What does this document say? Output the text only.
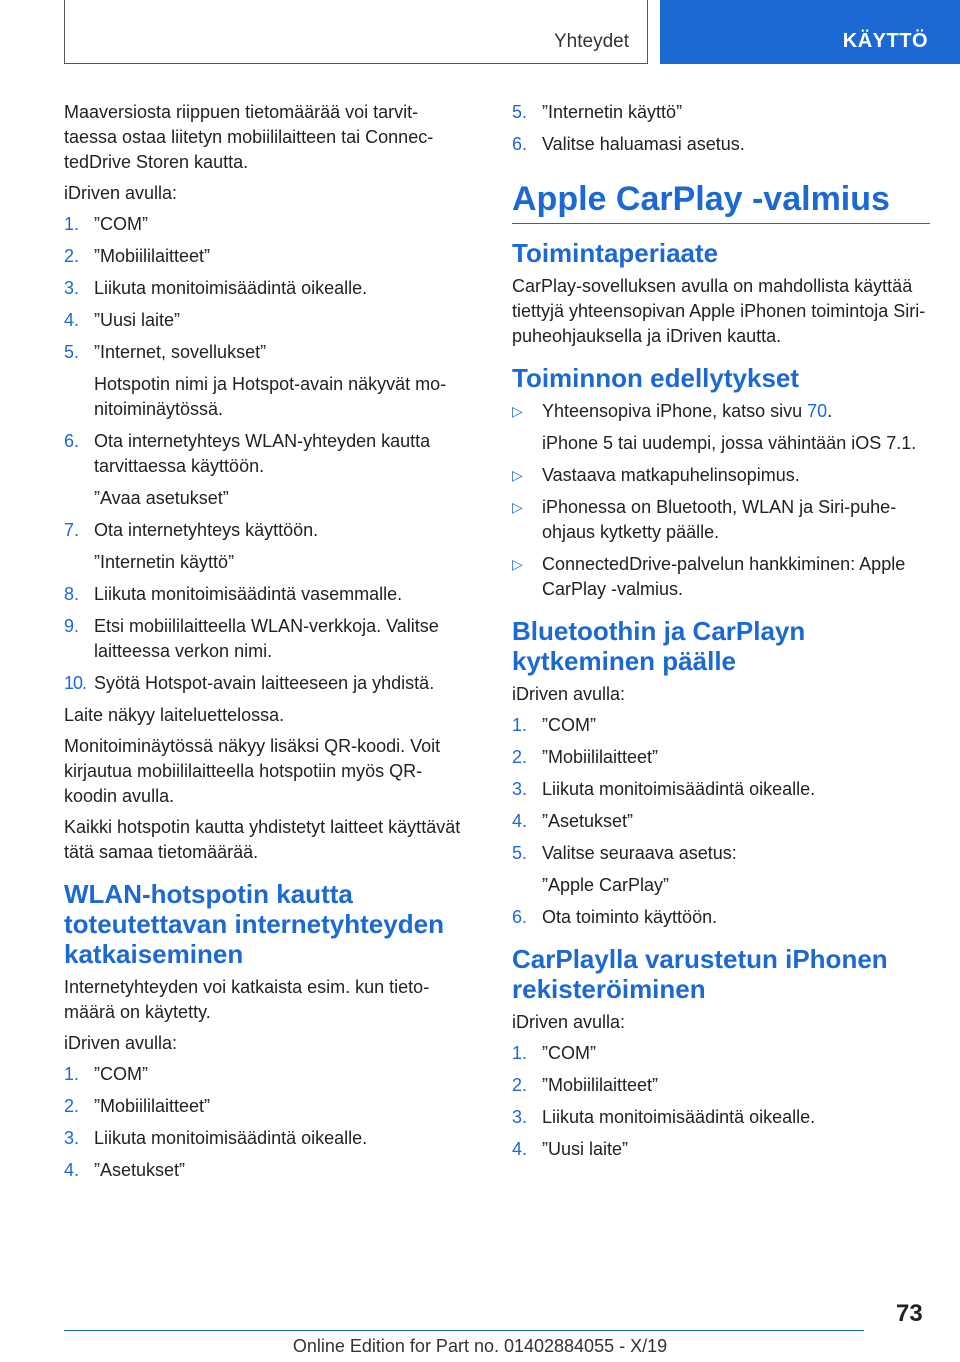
Yhteydet	KÄYTTÖ

Maaversiosta riippuen tietomäärää voi tarvittaessa ostaa liitetyn mobiililaitteen tai ConnectedDrive Storen kautta.

iDriven avulla:

1. ”COM”
2. ”Mobiililaitteet”
3. Liikuta monitoimisäädintä oikealle.
4. ”Uusi laite”
5. ”Internet, sovellukset”
Hotspotin nimi ja Hotspot-avain näkyvät monitoiminäytössä.
6. Ota internetyhteys WLAN-yhteyden kautta tarvittaessa käyttöön.
”Avaa asetukset”
7. Ota internetyhteys käyttöön.
”Internetin käyttö”
8. Liikuta monitoimisäädintä vasemmalle.
9. Etsi mobiililaitteella WLAN-verkkoja. Valitse laitteessa verkon nimi.
10. Syötä Hotspot-avain laitteeseen ja yhdistä.

Laite näkyy laiteluettelossa.

Monitoiminäytössä näkyy lisäksi QR-koodi. Voit kirjautua mobiililaitteella hotspotiin myös QR-koodin avulla.

Kaikki hotspotin kautta yhdistetyt laitteet käyttävät tätä samaa tietomäärää.

WLAN-hotspotin kautta toteutettavan internetyhteyden katkaiseminen

Internetyhteyden voi katkaista esim. kun tietomäärä on käytetty.

iDriven avulla:

1. ”COM”
2. ”Mobiililaitteet”
3. Liikuta monitoimisäädintä oikealle.
4. ”Asetukset”
5. ”Internetin käyttö”
6. Valitse haluamasi asetus.
Apple CarPlay -valmius
Toimintaperiaate

CarPlay-sovelluksen avulla on mahdollista käyttää tiettyjä yhteensopivan Apple iPhonen toimintoja Siri-puheohjauksella ja iDriven kautta.

Toiminnon edellytykset
▷	Yhteensopiva iPhone, katso sivu 70.
iPhone 5 tai uudempi, jossa vähintään iOS 7.1.
▷	Vastaava matkapuhelinsopimus.
▷	iPhonessa on Bluetooth, WLAN ja Siri-puheohjaus kytketty päälle.
▷	ConnectedDrive-palvelun hankkiminen: Apple CarPlay -valmius.
Bluetoothin ja CarPlayn kytkeminen päälle

iDriven avulla:

1. ”COM”
2. ”Mobiililaitteet”
3. Liikuta monitoimisäädintä oikealle.
4. ”Asetukset”
5. Valitse seuraava asetus:
”Apple CarPlay”
6. Ota toiminto käyttöön.
CarPlaylla varustetun iPhonen rekisteröiminen

iDriven avulla:

1. ”COM”
2. ”Mobiililaitteet”
3. Liikuta monitoimisäädintä oikealle.
4. ”Uusi laite”
73
Online Edition for Part no. 01402884055 - X/19
